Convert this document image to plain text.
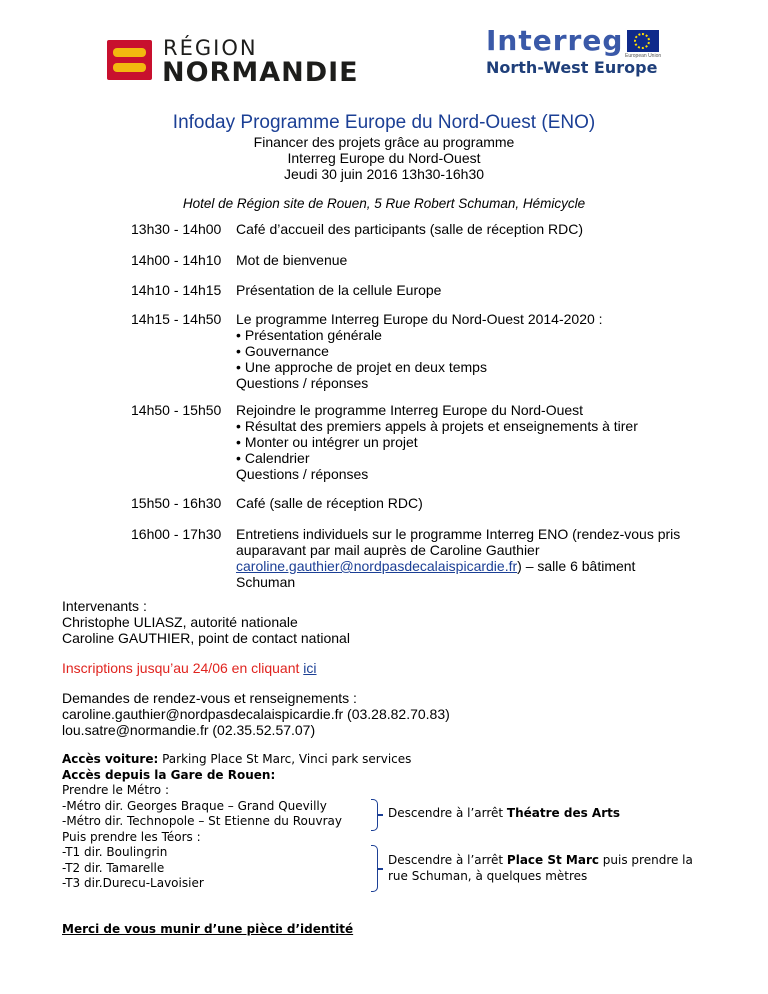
RÉGION
NORMANDIE
Interreg
North-West Europe
European Union
Infoday Programme Europe du Nord-Ouest (ENO)
Financer des projets grâce au programme
Interreg Europe du Nord-Ouest
Jeudi 30 juin 2016 13h30-16h30
Hotel de Région site de Rouen, 5 Rue Robert Schuman, Hémicycle
13h30 - 14h00 Café d’accueil des participants (salle de réception RDC)
14h00 - 14h10 Mot de bienvenue
14h10 - 14h15 Présentation de la cellule Europe
14h15 - 14h50 Le programme Interreg Europe du Nord-Ouest 2014-2020 :
• Présentation générale
• Gouvernance
• Une approche de projet en deux temps
Questions / réponses
14h50 - 15h50 Rejoindre le programme Interreg Europe du Nord-Ouest
• Résultat des premiers appels à projets et enseignements à tirer
• Monter ou intégrer un projet
• Calendrier
Questions / réponses
15h50 - 16h30 Café (salle de réception RDC)
16h00 - 17h30 Entretiens individuels sur le programme Interreg ENO (rendez-vous pris
auparavant par mail auprès de Caroline Gauthier
caroline.gauthier@nordpasdecalaispicardie.fr) – salle 6 bâtiment
Schuman
Intervenants :
Christophe ULIASZ, autorité nationale
Caroline GAUTHIER, point de contact national
Inscriptions jusqu’au 24/06 en cliquant ici
Demandes de rendez-vous et renseignements :
caroline.gauthier@nordpasdecalaispicardie.fr (03.28.82.70.83)
lou.satre@normandie.fr (02.35.52.57.07)
Accès voiture: Parking Place St Marc, Vinci park services
Accès depuis la Gare de Rouen:
Prendre le Métro :
-Métro dir. Georges Braque – Grand Quevilly
-Métro dir. Technopole – St Etienne du Rouvray
Descendre à l’arrêt Théatre des Arts
Puis prendre les Téors :
-T1 dir. Boulingrin
-T2 dir. Tamarelle
-T3 dir.Durecu-Lavoisier
Descendre à l’arrêt Place St Marc puis prendre la
rue Schuman, à quelques mètres
Merci de vous munir d’une pièce d’identité
